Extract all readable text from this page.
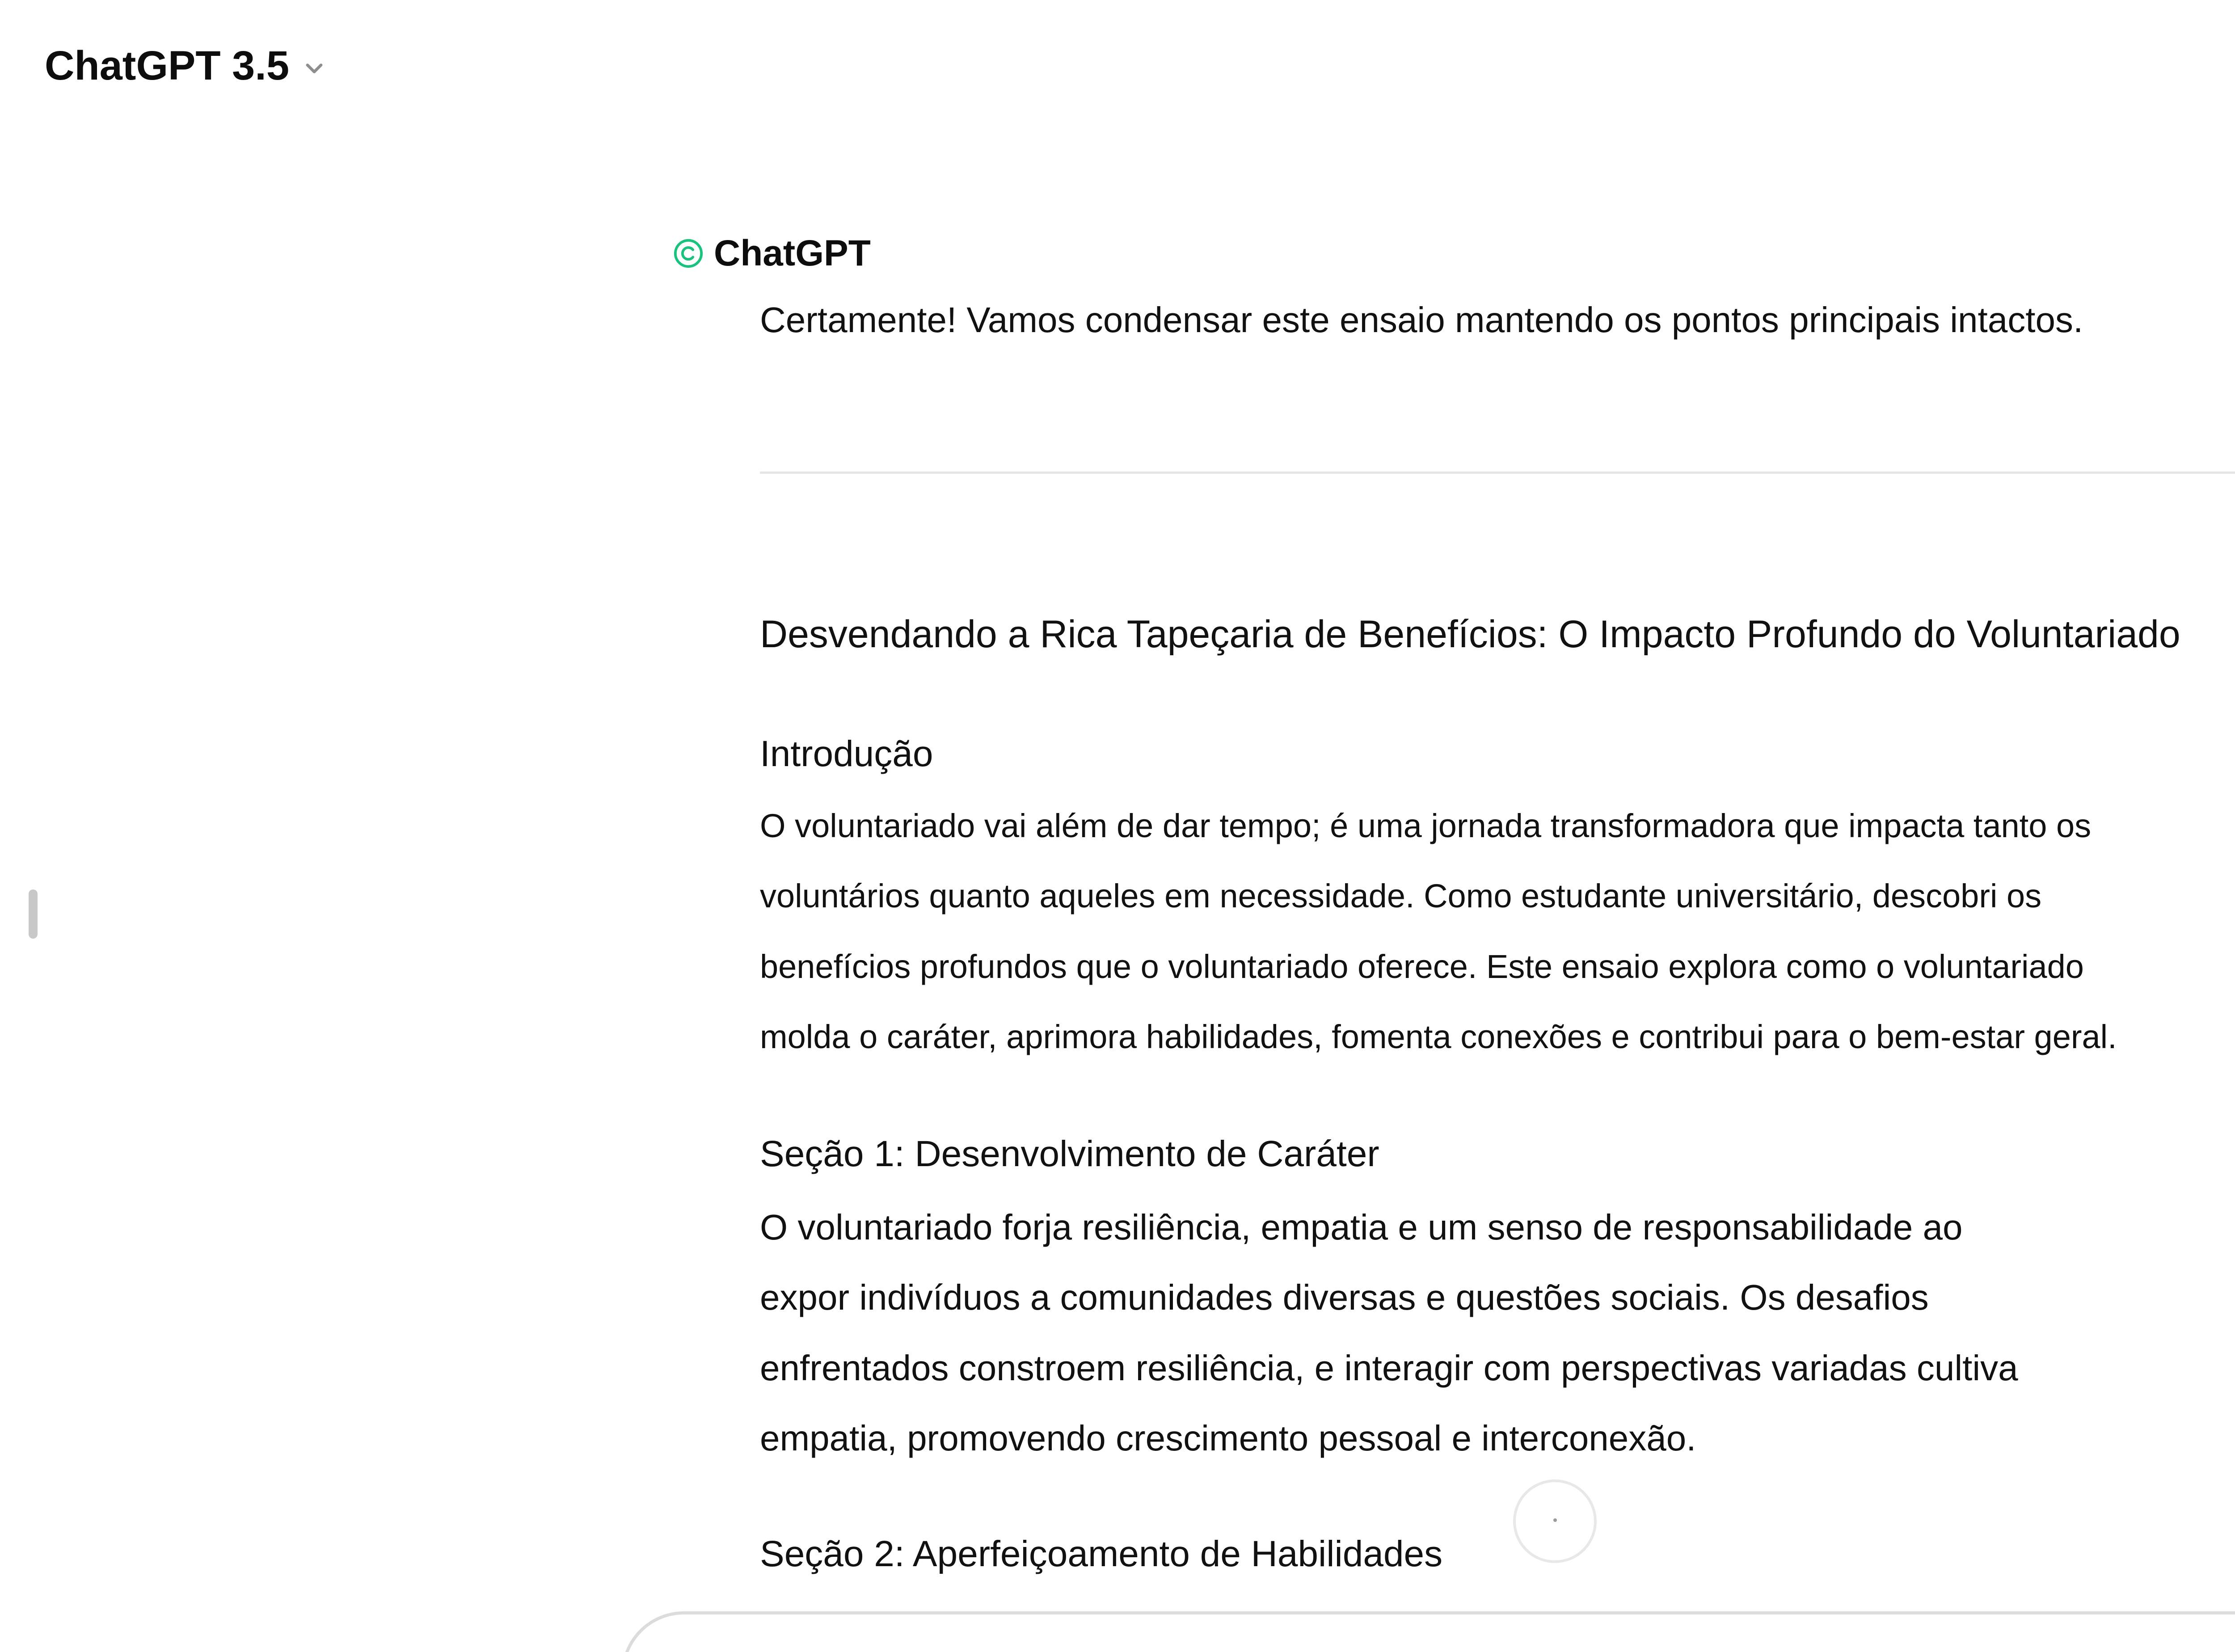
ChatGPT 3.5
ChatGPT
Certamente! Vamos condensar este ensaio mantendo os pontos principais intactos.
Desvendando a Rica Tapeçaria de Benefícios: O Impacto Profundo do Voluntariado
Introdução
O voluntariado vai além de dar tempo; é uma jornada transformadora que impacta tanto os
voluntários quanto aqueles em necessidade. Como estudante universitário, descobri os
benefícios profundos que o voluntariado oferece. Este ensaio explora como o voluntariado
molda o caráter, aprimora habilidades, fomenta conexões e contribui para o bem-estar geral.
Seção 1: Desenvolvimento de Caráter
O voluntariado forja resiliência, empatia e um senso de responsabilidade ao
expor indivíduos a comunidades diversas e questões sociais. Os desafios
enfrentados constroem resiliência, e interagir com perspectivas variadas cultiva
empatia, promovendo crescimento pessoal e interconexão.
Seção 2: Aperfeiçoamento de Habilidades
